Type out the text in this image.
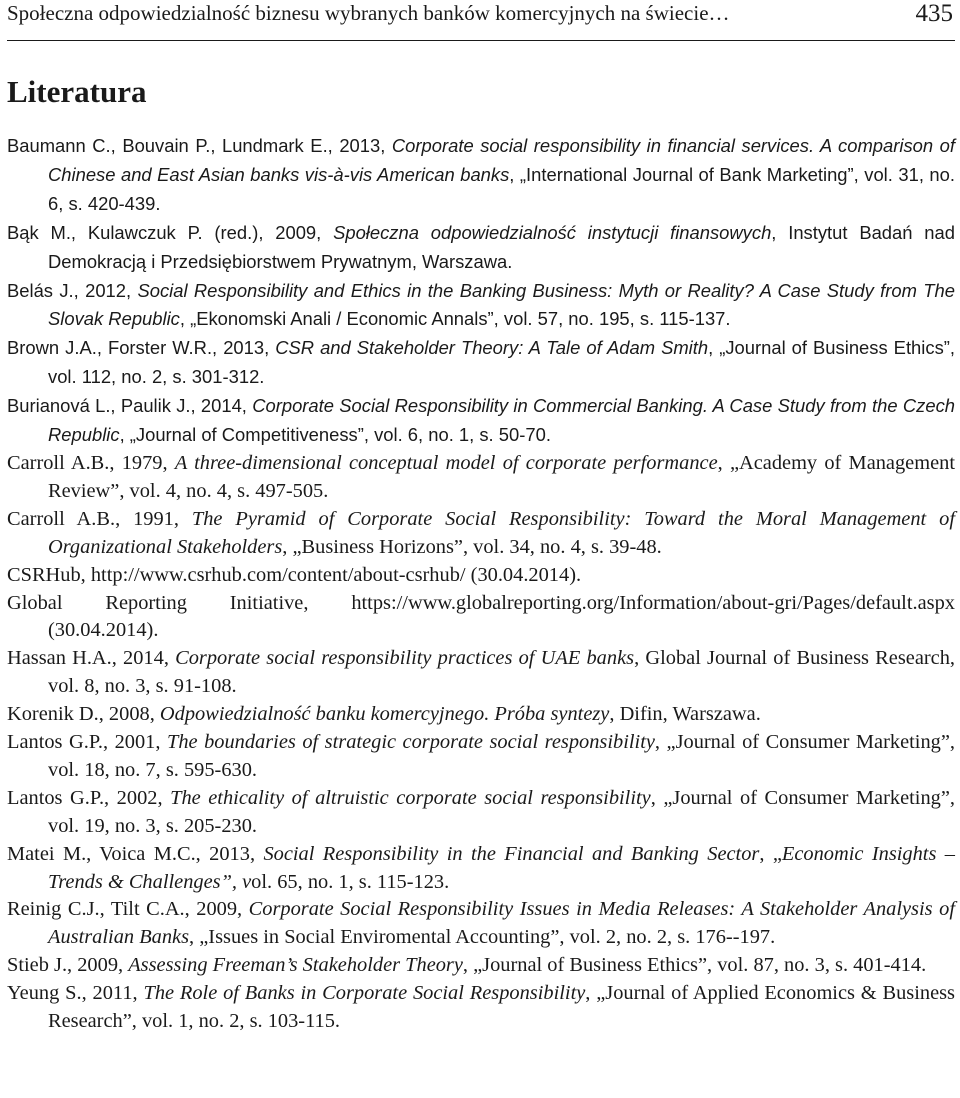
Społeczna odpowiedzialność biznesu wybranych banków komercyjnych na świecie…	435
Literatura
Baumann C., Bouvain P., Lundmark E., 2013, Corporate social responsibility in financial services. A comparison of Chinese and East Asian banks vis-à-vis American banks, „International Journal of Bank Marketing”, vol. 31, no. 6, s. 420-439.
Bąk M., Kulawczuk P. (red.), 2009, Społeczna odpowiedzialność instytucji finansowych, Instytut Badań nad Demokracją i Przedsiębiorstwem Prywatnym, Warszawa.
Belás J., 2012, Social Responsibility and Ethics in the Banking Business: Myth or Reality? A Case Study from The Slovak Republic, „Ekonomski Anali / Economic Annals”, vol. 57, no. 195, s. 115-137.
Brown J.A., Forster W.R., 2013, CSR and Stakeholder Theory: A Tale of Adam Smith, „Journal of Business Ethics”, vol. 112, no. 2, s. 301-312.
Burianová L., Paulik J., 2014, Corporate Social Responsibility in Commercial Banking. A Case Study from the Czech Republic, „Journal of Competitiveness”, vol. 6, no. 1, s. 50-70.
Carroll A.B., 1979, A three-dimensional conceptual model of corporate performance, „Academy of Management Review”, vol. 4, no. 4, s. 497-505.
Carroll A.B., 1991, The Pyramid of Corporate Social Responsibility: Toward the Moral Management of Organizational Stakeholders, „Business Horizons”, vol. 34, no. 4, s. 39-48.
CSRHub, http://www.csrhub.com/content/about-csrhub/ (30.04.2014).
Global Reporting Initiative, https://www.globalreporting.org/Information/about-gri/Pages/default.aspx (30.04.2014).
Hassan H.A., 2014, Corporate social responsibility practices of UAE banks, Global Journal of Business Research, vol. 8, no. 3, s. 91-108.
Korenik D., 2008, Odpowiedzialność banku komercyjnego. Próba syntezy, Difin, Warszawa.
Lantos G.P., 2001, The boundaries of strategic corporate social responsibility, „Journal of Consumer Marketing”, vol. 18, no. 7, s. 595-630.
Lantos G.P., 2002, The ethicality of altruistic corporate social responsibility, „Journal of Consumer Marketing”, vol. 19, no. 3, s. 205-230.
Matei M., Voica M.C., 2013, Social Responsibility in the Financial and Banking Sector, „Economic Insights – Trends & Challenges”, vol. 65, no. 1, s. 115-123.
Reinig C.J., Tilt C.A., 2009, Corporate Social Responsibility Issues in Media Releases: A Stakeholder Analysis of Australian Banks, „Issues in Social Enviromental Accounting”, vol. 2, no. 2, s. 176--197.
Stieb J., 2009, Assessing Freeman’s Stakeholder Theory, „Journal of Business Ethics”, vol. 87, no. 3, s. 401-414.
Yeung S., 2011, The Role of Banks in Corporate Social Responsibility, „Journal of Applied Economics & Business Research”, vol. 1, no. 2, s. 103-115.
